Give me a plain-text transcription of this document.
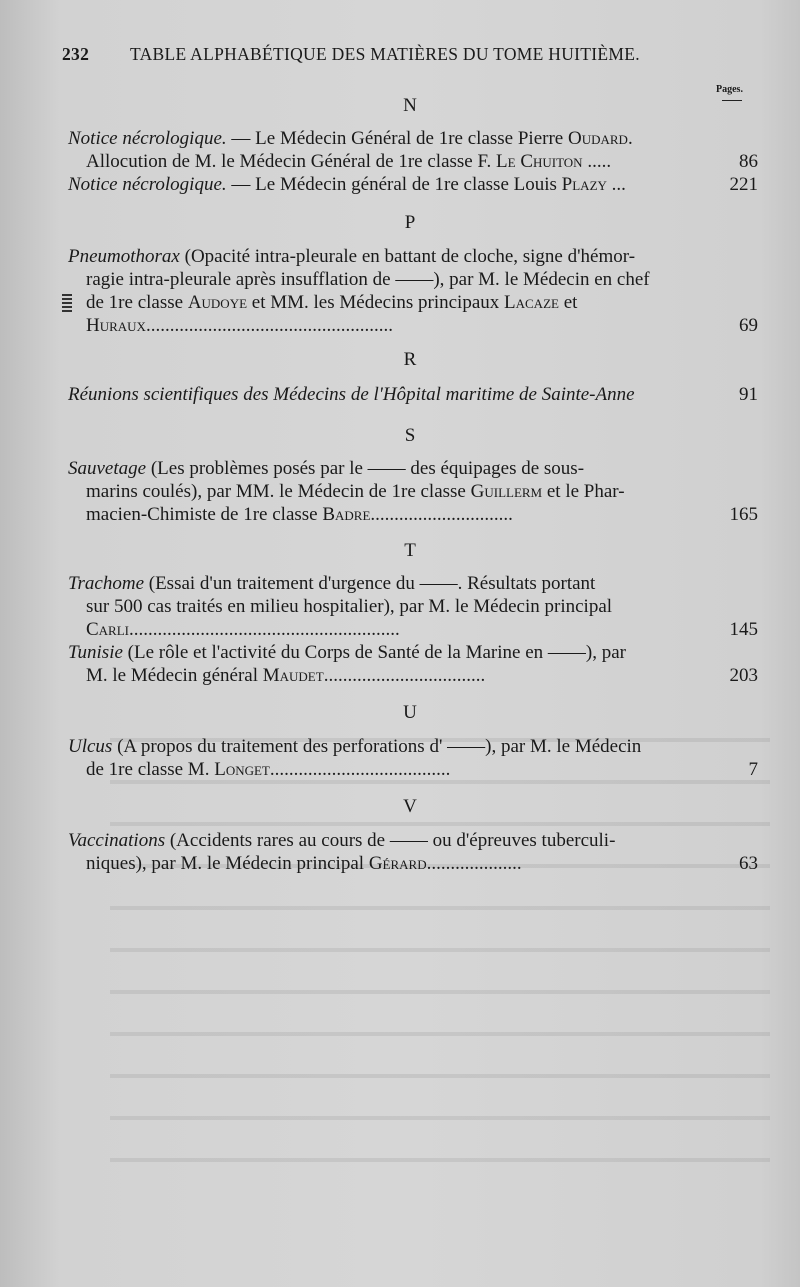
232 TABLE ALPHABÉTIQUE DES MATIÈRES DU TOME HUITIÈME.
Pages.
N
Notice nécrologique. — Le Médecin Général de 1re classe Pierre Oudard.
Allocution de M. le Médecin Général de 1re classe F. Le Chuiton .....	86
Notice nécrologique. — Le Médecin général de 1re classe Louis Plazy ...	221
P
Pneumothorax (Opacité intra-pleurale en battant de cloche, signe d'hémor-
ragie intra-pleurale après insufflation de ——), par M. le Médecin en chef
de 1re classe Audoye et MM. les Médecins principaux Lacaze et
Huraux....................................................	69
R
Réunions scientifiques des Médecins de l'Hôpital maritime de Sainte-Anne	91
S
Sauvetage (Les problèmes posés par le —— des équipages de sous-
marins coulés), par MM. le Médecin de 1re classe Guillerm et le Phar-
macien-Chimiste de 1re classe Badre..............................	165
T
Trachome (Essai d'un traitement d'urgence du ——. Résultats portant
sur 500 cas traités en milieu hospitalier), par M. le Médecin principal
Carli.........................................................	145
Tunisie (Le rôle et l'activité du Corps de Santé de la Marine en ——), par
M. le Médecin général Maudet..................................	203
U
Ulcus (A propos du traitement des perforations d' ——), par M. le Médecin
de 1re classe M. Longet......................................	7
V
Vaccinations (Accidents rares au cours de —— ou d'épreuves tuberculi-
niques), par M. le Médecin principal Gérard....................	63
